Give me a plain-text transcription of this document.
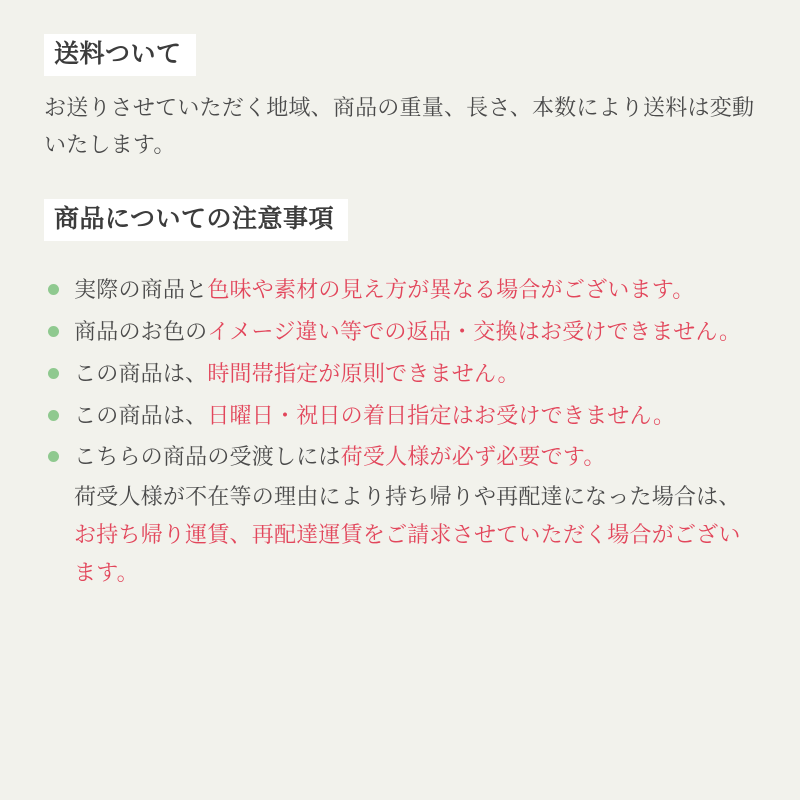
送料ついて

お送りさせていただく地域、商品の重量、長さ、本数により送料は変動いたします。

商品についての注意事項
実際の商品と色味や素材の見え方が異なる場合がございます。
商品のお色のイメージ違い等での返品・交換はお受けできません。
この商品は、時間帯指定が原則できません。
この商品は、日曜日・祝日の着日指定はお受けできません。
こちらの商品の受渡しには荷受人様が必ず必要です。
荷受人様が不在等の理由により持ち帰りや再配達になった場合は、お持ち帰り運賃、再配達運賃をご請求させていただく場合がございます。
